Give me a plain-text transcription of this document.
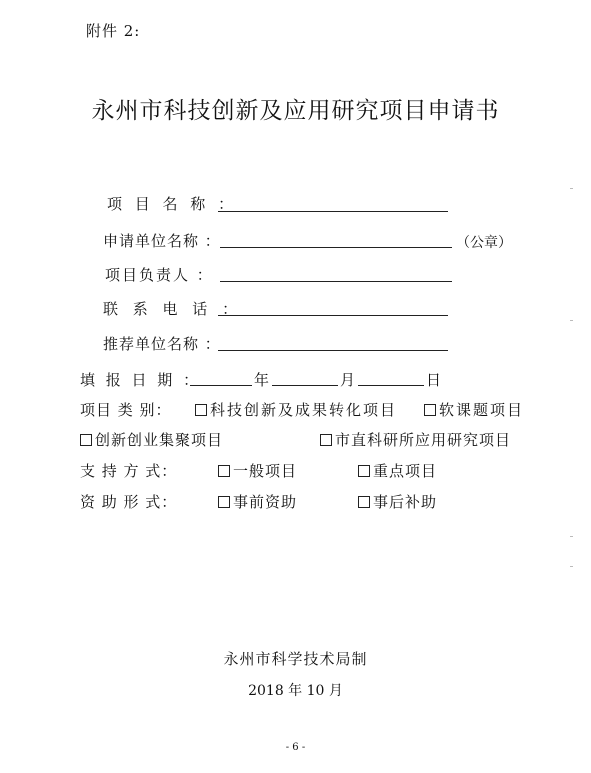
附件 2:
永州市科技创新及应用研究项目申请书
项 目 名 称 ：
申请单位名称 ：	（公章）
项目负责人 ：
联 系 电 话 ：
推荐单位名称 ：
填 报 日 期 ：	年	月	日
项目 类 别：	科技创新及成果转化项目	软课题项目
创新创业集聚项目	市直科研所应用研究项目
支 持 方 式：	一般项目	重点项目
资 助 形 式：	事前资助	事后补助
永州市科学技术局制
2018 年 10 月
- 6 -
